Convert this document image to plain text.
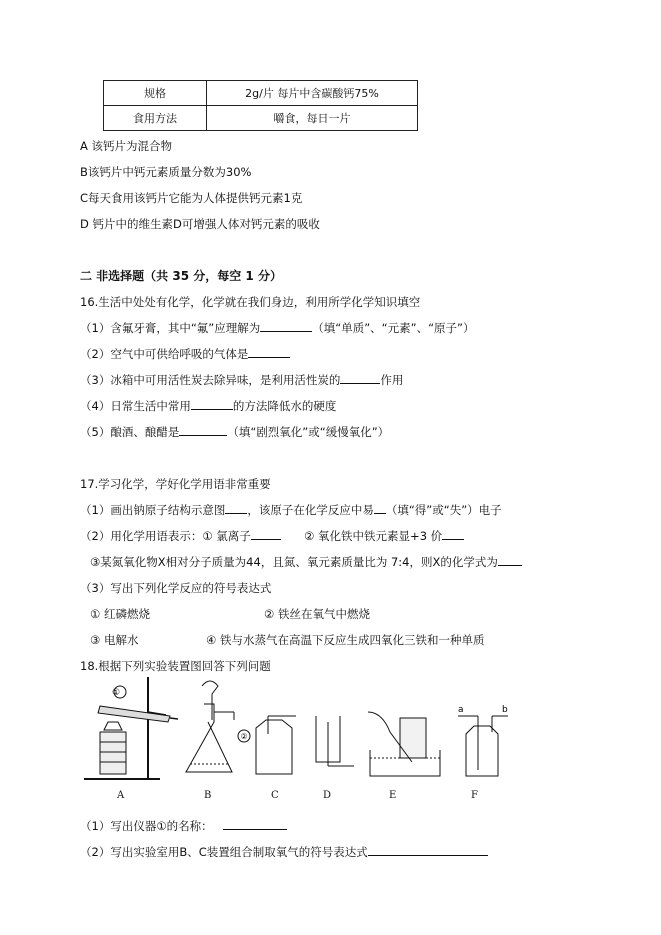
规格	2g/片 每片中含碳酸钙75%
食用方法	嚼食，每日一片
A 该钙片为混合物
B该钙片中钙元素质量分数为30%
C每天食用该钙片它能为人体提供钙元素1克
D 钙片中的维生素D可增强人体对钙元素的吸收
二 非选择题（共 35 分，每空 1 分）
16.生活中处处有化学，化学就在我们身边，利用所学化学知识填空
（1）含氟牙膏，其中“氟”应理解为	（填“单质”、“元素”、“原子”）
（2）空气中可供给呼吸的气体是
（3）冰箱中可用活性炭去除异味，是利用活性炭的	作用
（4）日常生活中常用	的方法降低水的硬度
（5）酿酒、酿醋是	（填“剧烈氧化”或“缓慢氧化”）
17.学习化学，学好化学用语非常重要
（1）画出钠原子结构示意图 ，该原子在化学反应中易 （填“得”或“失”）电子
（2）用化学用语表示：① 氯离子	② 氧化铁中铁元素显+3 价
③某氮氧化物X相对分子质量为44，且氮、氧元素质量比为 7:4，则X的化学式为
（3）写出下列化学反应的符号表达式
① 红磷燃烧	② 铁丝在氧气中燃烧
③ 电解水	④ 铁与水蒸气在高温下反应生成四氧化三铁和一种单质
18.根据下列实验装置图回答下列问题
①
②
a	b
A	B	C	D	E	F
（1）写出仪器①的名称：
（2）写出实验室用B、C装置组合制取氧气的符号表达式
